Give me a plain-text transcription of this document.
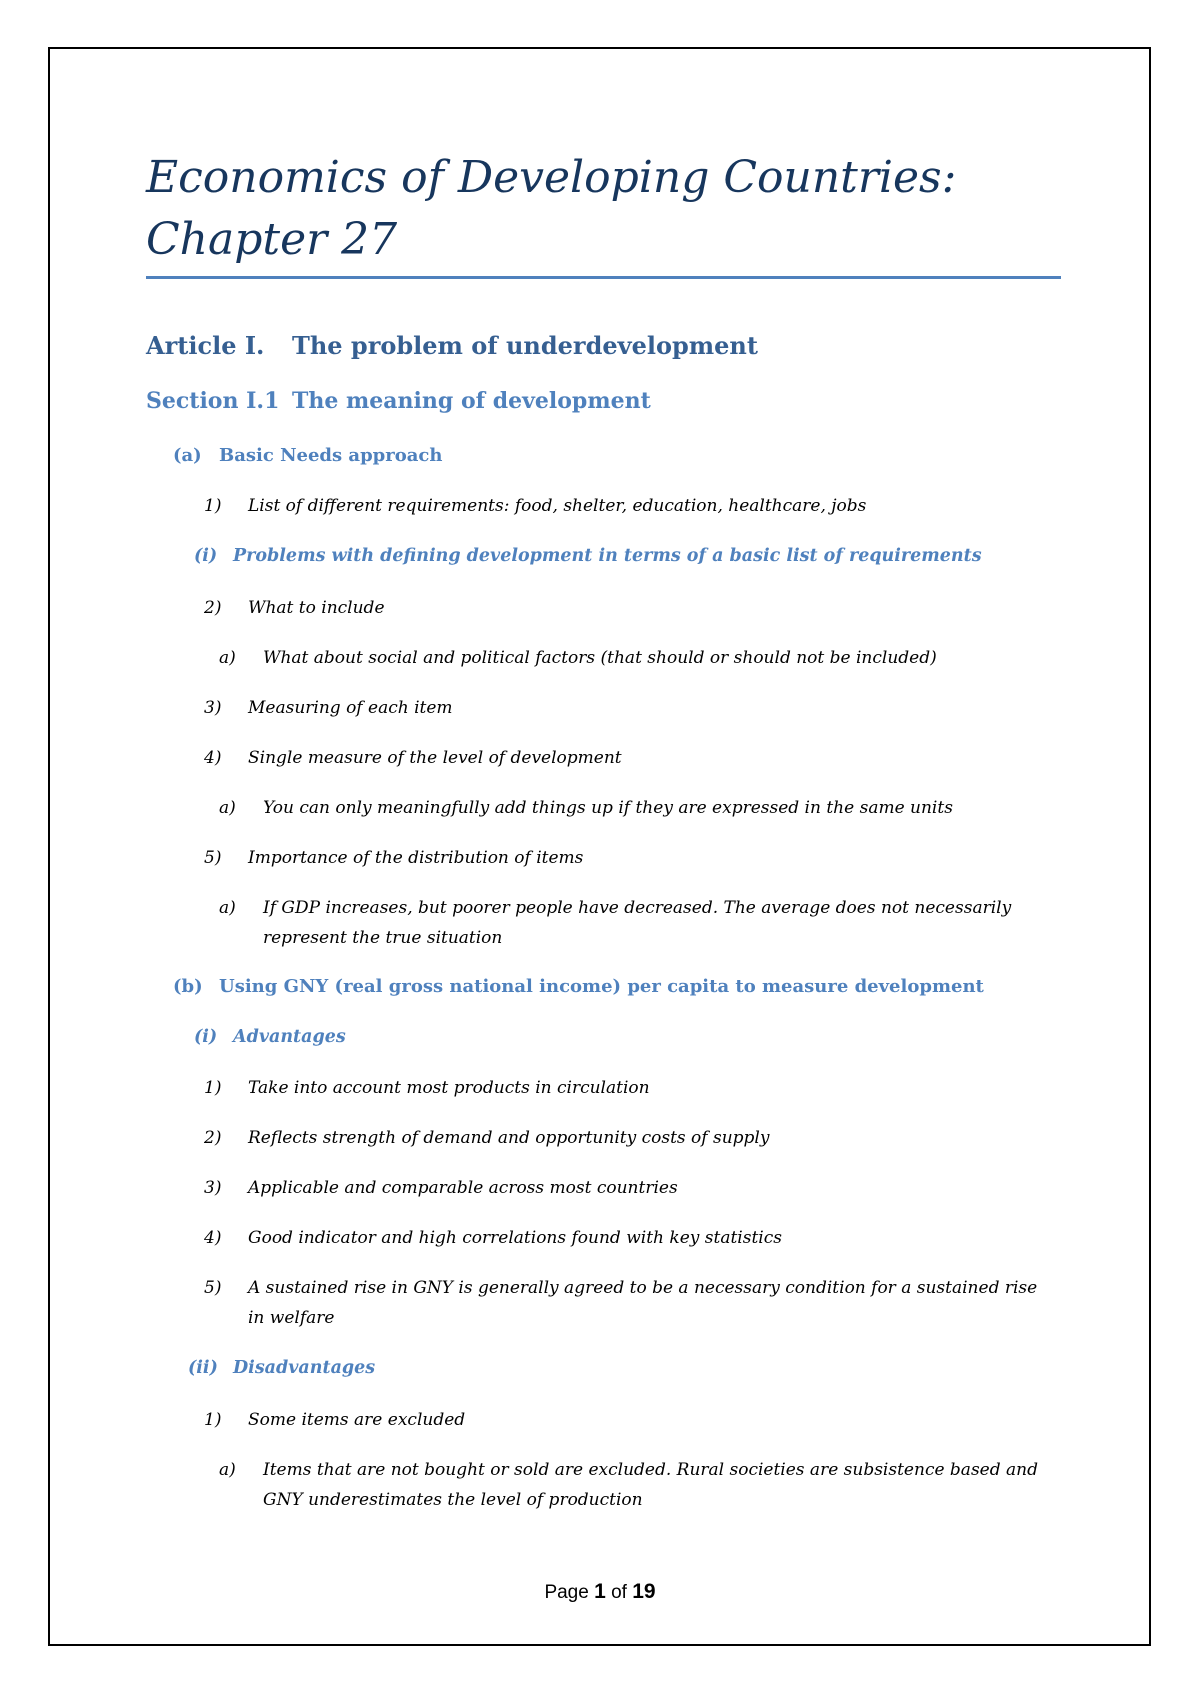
Economics of Developing Countries:
Chapter 27
Article I. The problem of underdevelopment
Section I.1 The meaning of development
(a) Basic Needs approach
1) List of different requirements: food, shelter, education, healthcare, jobs
(i) Problems with defining development in terms of a basic list of requirements
2) What to include
a) What about social and political factors (that should or should not be included)
3) Measuring of each item
4) Single measure of the level of development
a) You can only meaningfully add things up if they are expressed in the same units
5) Importance of the distribution of items
a) If GDP increases, but poorer people have decreased. The average does not necessarily represent the true situation
(b) Using GNY (real gross national income) per capita to measure development
(i) Advantages
1) Take into account most products in circulation
2) Reflects strength of demand and opportunity costs of supply
3) Applicable and comparable across most countries
4) Good indicator and high correlations found with key statistics
5) A sustained rise in GNY is generally agreed to be a necessary condition for a sustained rise in welfare
(ii) Disadvantages
1) Some items are excluded
a) Items that are not bought or sold are excluded. Rural societies are subsistence based and GNY underestimates the level of production
Page 1 of 19
